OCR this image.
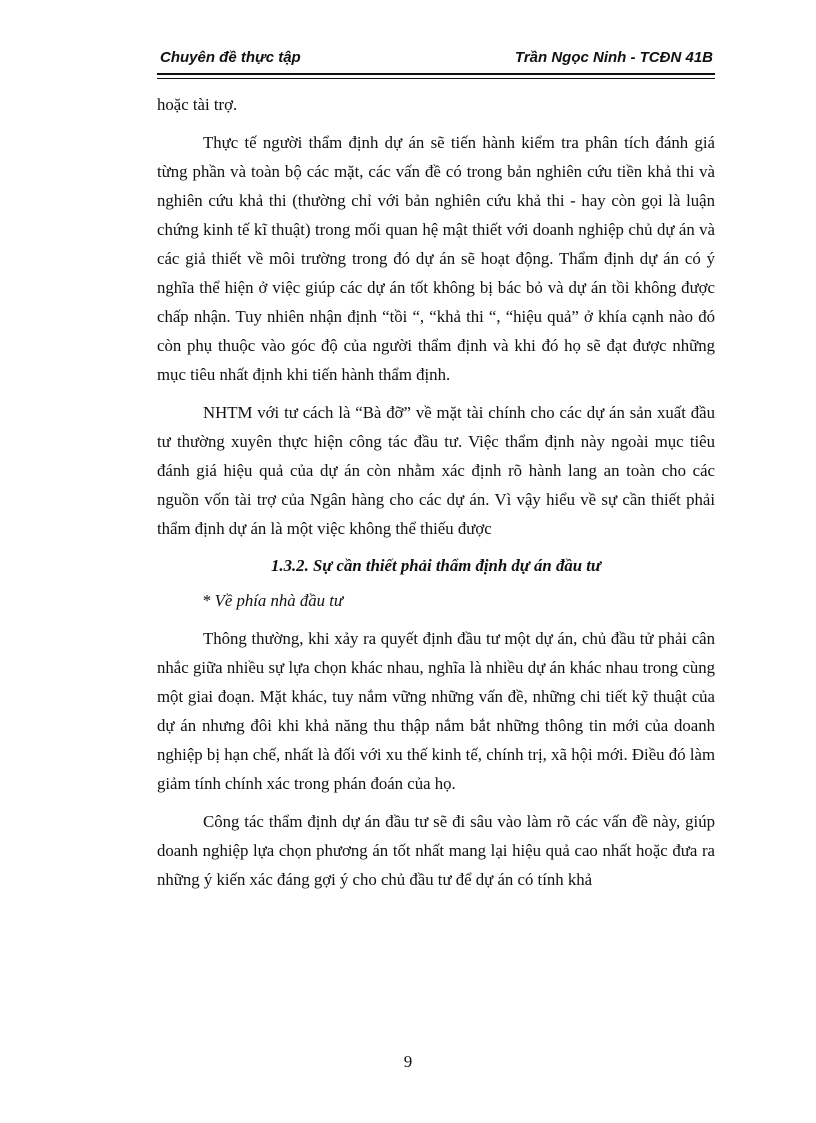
Chuyên đề thực tập	Trần Ngọc Ninh - TCĐN 41B

hoặc tài trợ.

Thực tế người thẩm định dự án sẽ tiến hành kiểm tra phân tích đánh giá từng phần và toàn bộ các mặt, các vấn đề có trong bản nghiên cứu tiền khả thi và nghiên cứu khả thi (thường chỉ với bản nghiên cứu khả thi - hay còn gọi là luận chứng kinh tế kĩ thuật) trong mối quan hệ mật thiết với doanh nghiệp chủ dự án và các giả thiết về môi trường trong đó dự án sẽ hoạt động. Thẩm định dự án có ý nghĩa thể hiện ở việc giúp các dự án tốt không bị bác bỏ và dự án tồi không được chấp nhận. Tuy nhiên nhận định “tồi “, “khả thi “, “hiệu quả” ở khía cạnh nào đó còn phụ thuộc vào góc độ của người thẩm định và khi đó họ sẽ đạt được những mục tiêu nhất định khi tiến hành thẩm định.

NHTM với tư cách là “Bà đỡ” về mặt tài chính cho các dự án sản xuất đầu tư thường xuyên thực hiện công tác đầu tư. Việc thẩm định này ngoài mục tiêu đánh giá hiệu quả của dự án còn nhằm xác định rõ hành lang an toàn cho các nguồn vốn tài trợ của Ngân hàng cho các dự án. Vì vậy hiểu về sự cần thiết phải thẩm định dự án là một việc không thể thiếu được

1.3.2. Sự cần thiết phải thẩm định dự án đầu tư

* Về phía nhà đầu tư

Thông thường, khi xảy ra quyết định đầu tư một dự án, chủ đầu tử phải cân nhắc giữa nhiều sự lựa chọn khác nhau, nghĩa là nhiều dự án khác nhau trong cùng một giai đoạn. Mặt khác, tuy nắm vững những vấn đề, những chi tiết kỹ thuật của dự án nhưng đôi khi khả năng thu thập nắm bắt những thông tin mới của doanh nghiệp bị hạn chế, nhất là đối với xu thế kinh tế, chính trị, xã hội mới. Điều đó làm giảm tính chính xác trong phán đoán của họ.

Công tác thẩm định dự án đầu tư sẽ đi sâu vào làm rõ các vấn đề này, giúp doanh nghiệp lựa chọn phương án tốt nhất mang lại hiệu quả cao nhất hoặc đưa ra những ý kiến xác đáng gợi ý cho chủ đầu tư để dự án có tính khả

9
